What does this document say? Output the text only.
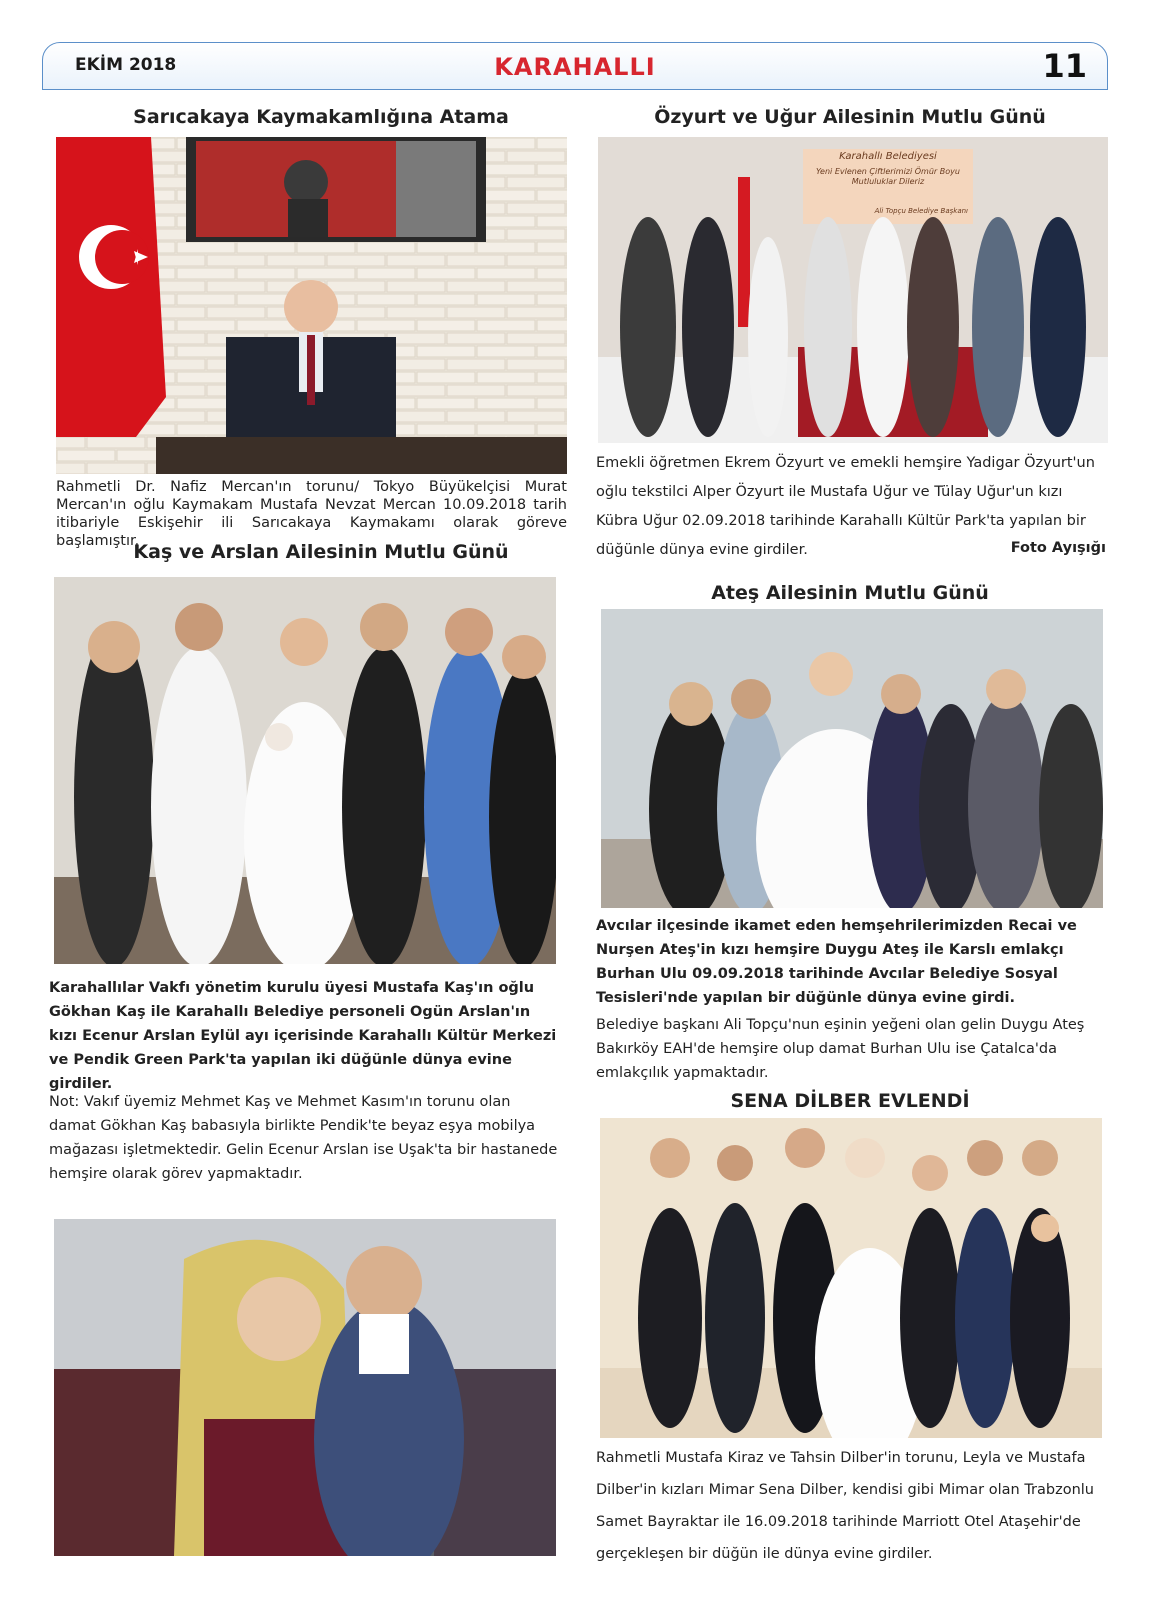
EKİM 2018	KARAHALLI	11
Sarıcakaya Kaymakamlığına Atama
Rahmetli Dr. Nafiz Mercan'ın torunu/ Tokyo Büyükelçisi Murat Mercan'ın oğlu Kaymakam Mustafa Nevzat Mercan 10.09.2018 tarih itibariyle Eskişehir ili Sarıcakaya Kaymakamı olarak göreve başlamıştır.
Kaş ve Arslan Ailesinin Mutlu Günü
Karahallılar Vakfı yönetim kurulu üyesi Mustafa Kaş'ın oğlu Gökhan Kaş ile Karahallı Belediye personeli Ogün Arslan'ın kızı Ecenur Arslan Eylül ayı içerisinde Karahallı Kültür Merkezi ve Pendik Green Park'ta yapılan iki düğünle dünya evine girdiler.
Not: Vakıf üyemiz Mehmet Kaş ve Mehmet Kasım'ın torunu olan damat Gökhan Kaş babasıyla birlikte Pendik'te beyaz eşya mobilya mağazası işletmektedir. Gelin Ecenur Arslan ise Uşak'ta bir hastanede hemşire olarak görev yapmaktadır.
Özyurt ve Uğur Ailesinin Mutlu Günü
Karahallı Belediyesi
Yeni Evlenen Çiftlerimizi Ömür Boyu Mutluluklar Dileriz
Ali Topçu Belediye Başkanı
Emekli öğretmen Ekrem Özyurt ve emekli hemşire Yadigar Özyurt'un oğlu tekstilci Alper Özyurt ile Mustafa Uğur ve Tülay Uğur'un kızı Kübra Uğur 02.09.2018 tarihinde Karahallı Kültür Park'ta yapılan bir düğünle dünya evine girdiler.	Foto Ayışığı
Ateş Ailesinin Mutlu Günü
Avcılar ilçesinde ikamet eden hemşehrilerimizden Recai ve Nurşen Ateş'in kızı hemşire Duygu Ateş ile Karslı emlakçı Burhan Ulu 09.09.2018 tarihinde Avcılar Belediye Sosyal Tesisleri'nde yapılan bir düğünle dünya evine girdi.
Belediye başkanı Ali Topçu'nun eşinin yeğeni olan gelin Duygu Ateş Bakırköy EAH'de hemşire olup damat Burhan Ulu ise Çatalca'da emlakçılık yapmaktadır.
SENA DİLBER EVLENDİ
Rahmetli Mustafa Kiraz ve Tahsin Dilber'in torunu, Leyla ve Mustafa Dilber'in kızları Mimar Sena Dilber, kendisi gibi Mimar olan Trabzonlu Samet Bayraktar ile 16.09.2018 tarihinde Marriott Otel Ataşehir'de gerçekleşen bir düğün ile dünya evine girdiler.
